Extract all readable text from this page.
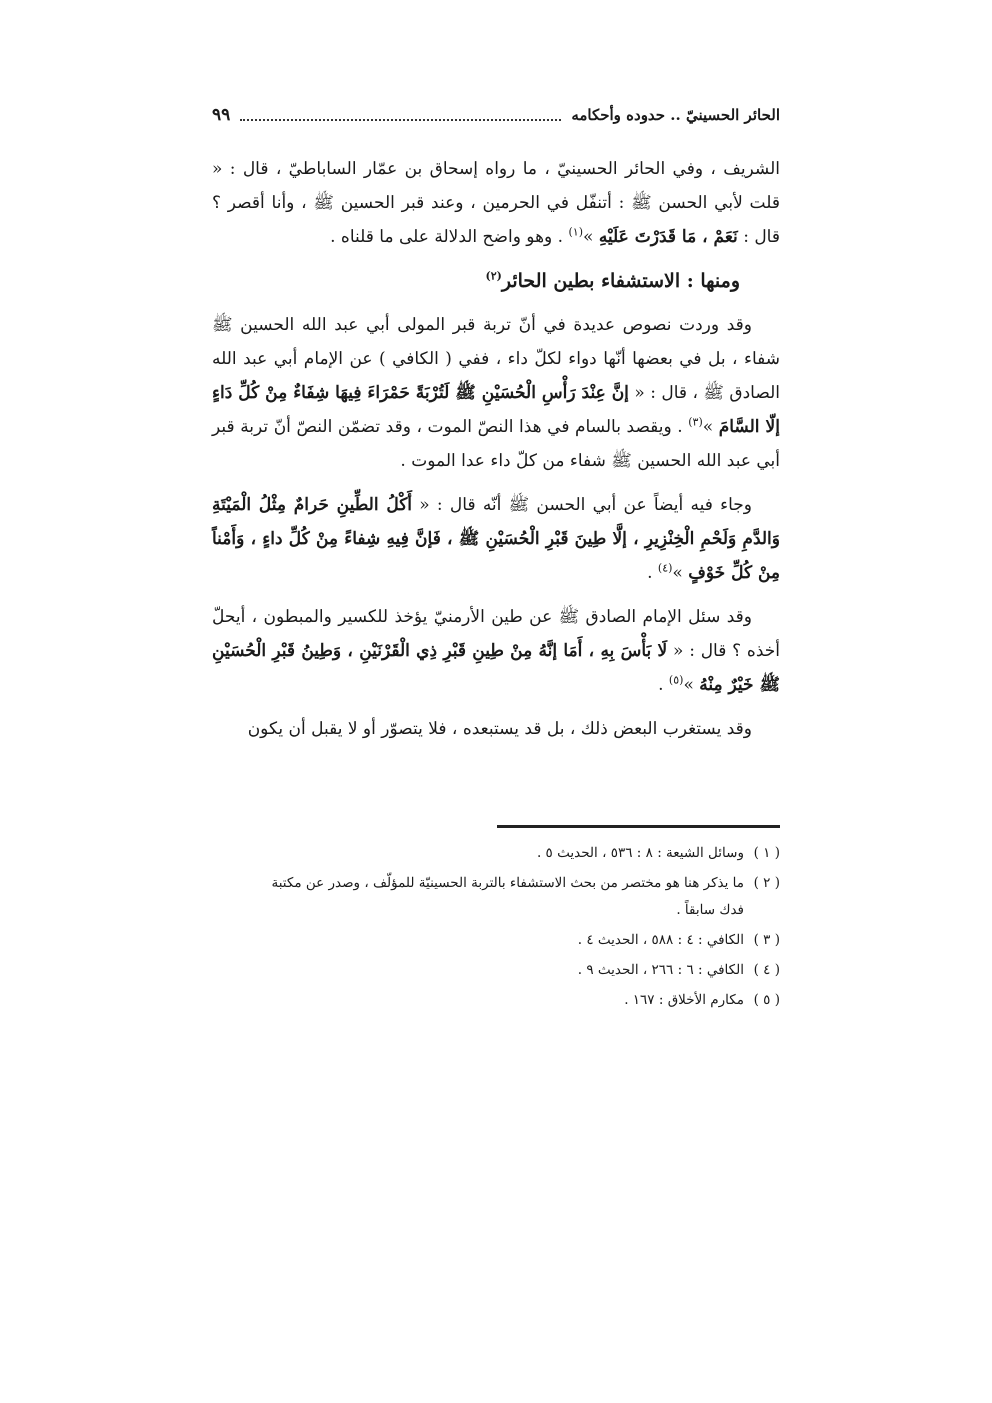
الحائر الحسينيّ .. حدوده وأحكامه
٩٩

الشريف ، وفي الحائر الحسينيّ ، ما رواه إسحاق بن عمّار الساباطيّ ، قال : « قلت لأبي الحسن ﷺ : أتنفّل في الحرمين ، وعند قبر الحسين ﷺ ، وأنا أقصر ؟ قال : نَعَمْ ، مَا قَدَرْتَ عَلَيْهِ »$^{(١)}$ . وهو واضح الدلالة على ما قلناه .

ومنها : الاستشفاء بطين الحائر$^{(٢)}$

وقد وردت نصوص عديدة في أنّ تربة قبر المولى أبي عبد الله الحسين ﷺ شفاء ، بل في بعضها أنّها دواء لكلّ داء ، ففي ( الكافي ) عن الإمام أبي عبد الله الصادق ﷺ ، قال : « إنَّ عِنْدَ رَأْسِ الْحُسَيْنِ ﷺ لَتُرْبَةً حَمْرَاءَ فِيهَا شِفَاءٌ مِنْ كُلِّ دَاءٍ إلّا السَّامَ »$^{(٣)}$ . ويقصد بالسام في هذا النصّ الموت ، وقد تضمّن النصّ أنّ تربة قبر أبي عبد الله الحسين ﷺ شفاء من كلّ داء عدا الموت .

وجاء فيه أيضاً عن أبي الحسن ﷺ أنّه قال : « أَكْلُ الطِّينِ حَرامٌ مِثْلُ الْمَيْتَةِ وَالدَّمِ وَلَحْمِ الْخِنْزِيرِ ، إلَّا طِينَ قَبْرِ الْحُسَيْنِ ﷺ ، فَإنَّ فِيهِ شِفاءً مِنْ كُلِّ داءٍ ، وَأَمْناً مِنْ كُلِّ خَوْفٍ »$^{(٤)}$ .

وقد سئل الإمام الصادق ﷺ عن طين الأرمنيّ يؤخذ للكسير والمبطون ، أيحلّ أخذه ؟ قال : « لَا بَأْسَ بِهِ ، أَمَا إنَّهُ مِنْ طِينِ قَبْرِ ذِي الْقَرْنَيْنِ ، وَطِينُ قَبْرِ الْحُسَيْنِ ﷺ خَيْرٌ مِنْهُ »$^{(٥)}$ .

وقد يستغرب البعض ذلك ، بل قد يستبعده ، فلا يتصوّر أو لا يقبل أن يكون

( ١ )وسائل الشيعة : ٨ : ٥٣٦ ، الحديث ٥ .
( ٢ )ما يذكر هنا هو مختصر من بحث الاستشفاء بالتربة الحسينيّة للمؤلّف ، وصدر عن مكتبة
فدك سابقاً .
( ٣ )الكافي : ٤ : ٥٨٨ ، الحديث ٤ .
( ٤ )الكافي : ٦ : ٢٦٦ ، الحديث ٩ .
( ٥ )مكارم الأخلاق : ١٦٧ .
